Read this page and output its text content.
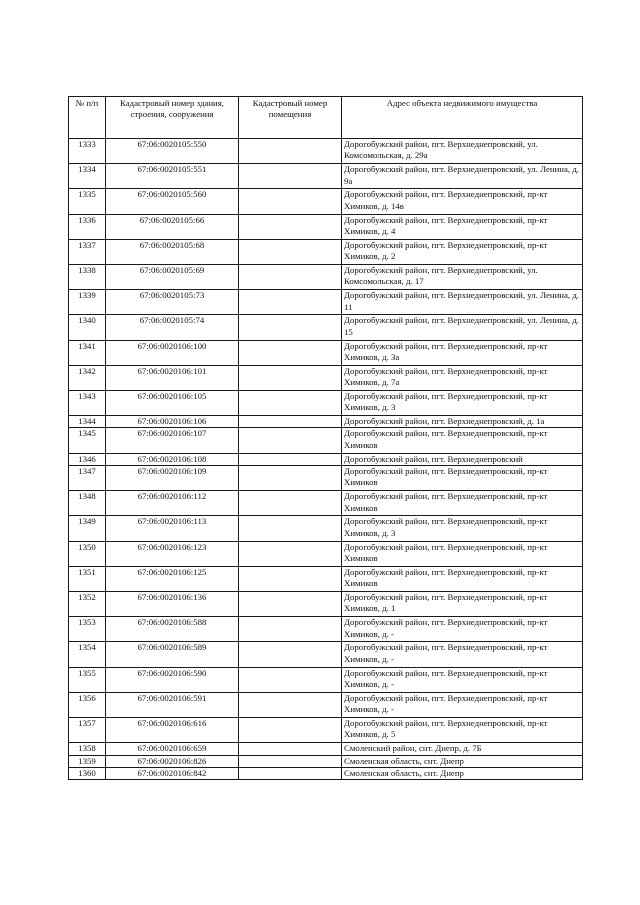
№ п/п	Кадастровый номер здания, строения, сооружения	Кадастровый номер помещения	Адрес объекта недвижимого имущества
1333	67:06:0020105:550		Дорогобужский район, пгт. Верхнеднепровский, ул. Комсомольская, д. 29а
1334	67:06:0020105:551		Дорогобужский район, пгт. Верхнеднепровский, ул. Ленина, д. 9а
1335	67:06:0020105:560		Дорогобужский район, пгт. Верхнеднепровский, пр-кт Химиков, д. 14в
1336	67:06:0020105:66		Дорогобужский район, пгт. Верхнеднепровский, пр-кт Химиков, д. 4
1337	67:06:0020105:68		Дорогобужский район, пгт. Верхнеднепровский, пр-кт Химиков, д. 2
1338	67:06:0020105:69		Дорогобужский район, пгт. Верхнеднепровский, ул. Комсомольская, д. 17
1339	67:06:0020105:73		Дорогобужский район, пгт. Верхнеднепровский, ул. Ленина, д. 11
1340	67:06:0020105:74		Дорогобужский район, пгт. Верхнеднепровский, ул. Ленина, д. 15
1341	67:06:0020106:100		Дорогобужский район, пгт. Верхнеднепровский, пр-кт Химиков, д. 3а
1342	67:06:0020106:101		Дорогобужский район, пгт. Верхнеднепровский, пр-кт Химиков, д. 7а
1343	67:06:0020106:105		Дорогобужский район, пгт. Верхнеднепровский, пр-кт Химиков, д. 3
1344	67:06:0020106:106		Дорогобужский район, пгт. Верхнеднепровский, д. 1а
1345	67:06:0020106:107		Дорогобужский район, пгт. Верхнеднепровский, пр-кт Химиков
1346	67:06:0020106:108		Дорогобужский район, пгт. Верхнеднепровский
1347	67:06:0020106:109		Дорогобужский район, пгт. Верхнеднепровский, пр-кт Химиков
1348	67:06:0020106:112		Дорогобужский район, пгт. Верхнеднепровский, пр-кт Химиков
1349	67:06:0020106:113		Дорогобужский район, пгт. Верхнеднепровский, пр-кт Химиков, д. 3
1350	67:06:0020106:123		Дорогобужский район, пгт. Верхнеднепровский, пр-кт Химиков
1351	67:06:0020106:125		Дорогобужский район, пгт. Верхнеднепровский, пр-кт Химиков
1352	67:06:0020106:136		Дорогобужский район, пгт. Верхнеднепровский, пр-кт Химиков, д. 1
1353	67:06:0020106:588		Дорогобужский район, пгт. Верхнеднепровский, пр-кт Химиков, д. -
1354	67:06:0020106:589		Дорогобужский район, пгт. Верхнеднепровский, пр-кт Химиков, д. -
1355	67:06:0020106:590		Дорогобужский район, пгт. Верхнеднепровский, пр-кт Химиков, д. -
1356	67:06:0020106:591		Дорогобужский район, пгт. Верхнеднепровский, пр-кт Химиков, д. -
1357	67:06:0020106:616		Дорогобужский район, пгт. Верхнеднепровский, пр-кт Химиков, д. 5
1358	67:06:0020106:659		Смоленский район, снт. Днепр, д. 7Б
1359	67:06:0020106:826		Смоленская область, снт. Днепр
1360	67:06:0020106:842		Смоленская область, снт. Днепр
